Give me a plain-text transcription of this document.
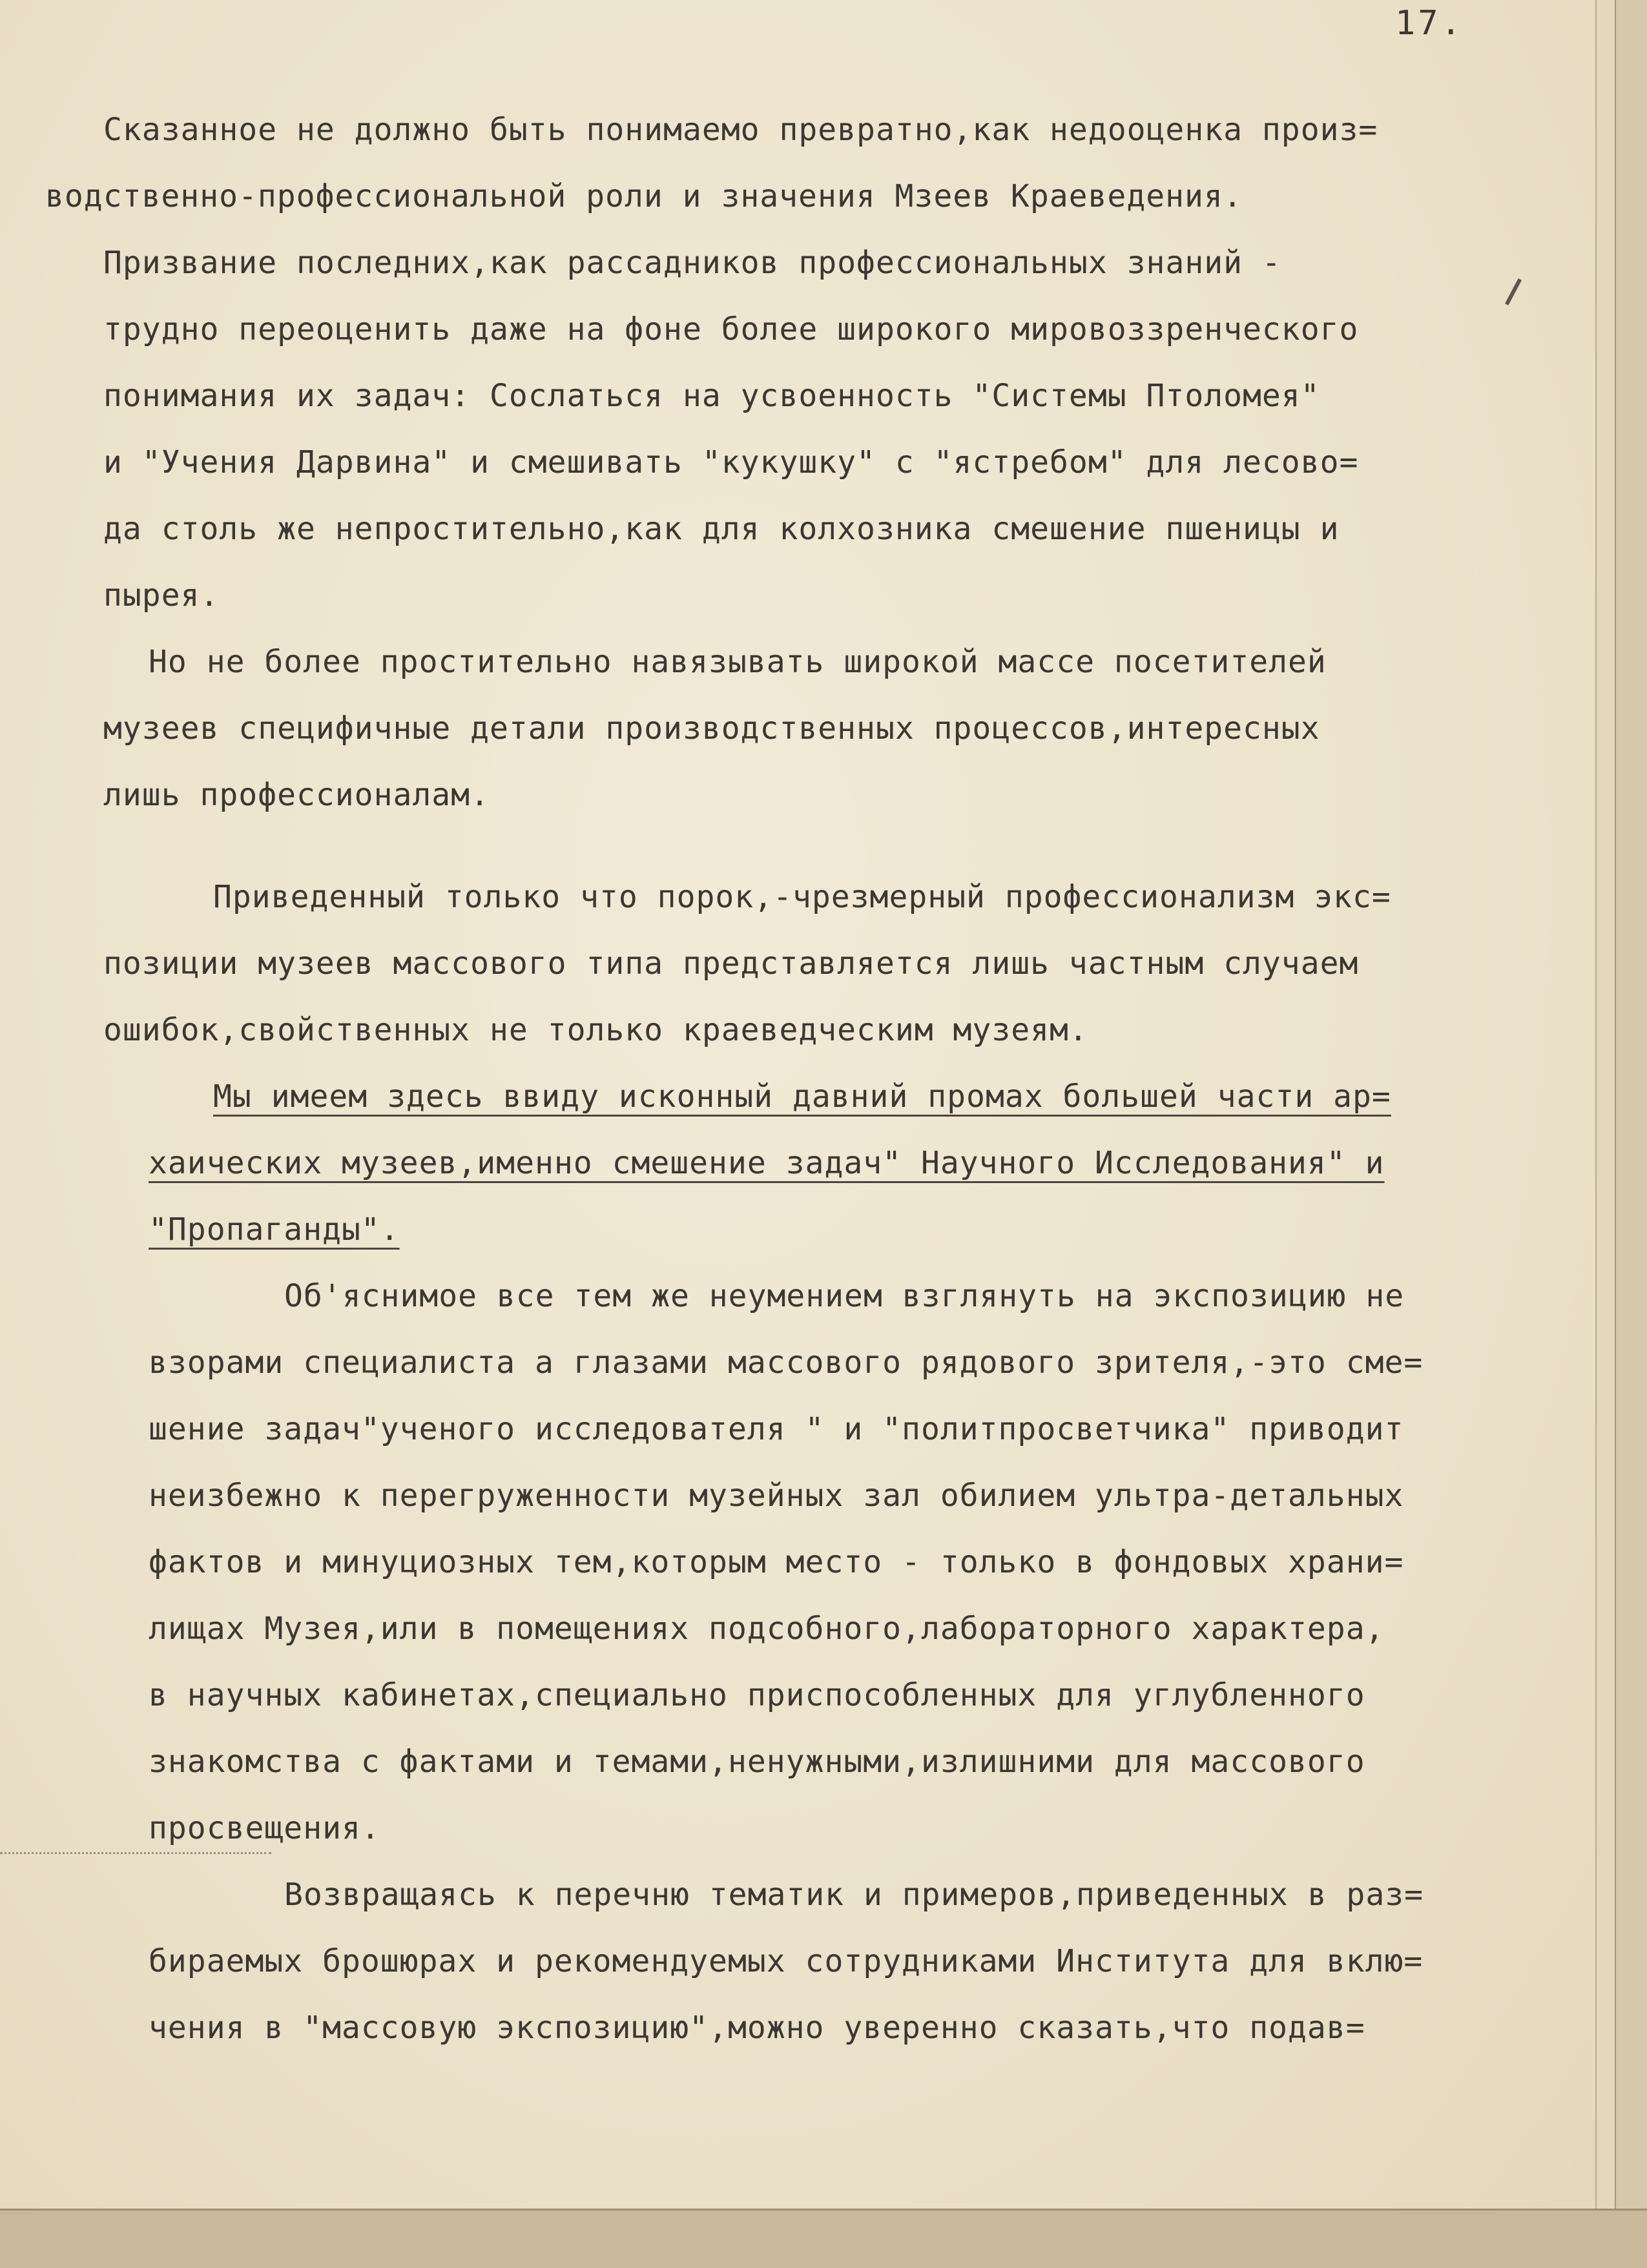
17.
Сказанное не должно быть понимаемо превратно,как недооценка произ=
водственно-профессиональной роли и значения Мзеев Краеведения.
Призвание последних,как рассадников профессиональных знаний -
трудно переоценить даже на фоне более широкого мировоззренческого
понимания их задач: Сослаться на усвоенность "Системы Птоломея"
и "Учения Дарвина" и смешивать "кукушку" с "ястребом" для лесово=
да столь же непростительно,как для колхозника смешение пшеницы и
пырея.
Но не более простительно навязывать широкой массе посетителей
музеев специфичные детали производственных процессов,интересных
лишь профессионалам.
Приведенный только что порок,-чрезмерный профессионализм экс=
позиции музеев массового типа представляется лишь частным случаем
ошибок,свойственных не только краеведческим музеям.
Мы имеем здесь ввиду исконный давний промах большей части ар=
хаических музеев,именно смешение задач" Научного Исследования" и
"Пропаганды".
Об'яснимое все тем же неумением взглянуть на экспозицию не
взорами специалиста а глазами массового рядового зрителя,-это сме=
шение задач"ученого исследователя " и "политпросветчика" приводит
неизбежно к перегруженности музейных зал обилием ультра-детальных
фактов и минуциозных тем,которым место - только в фондовых храни=
лищах Музея,или в помещениях подсобного,лабораторного характера,
в научных кабинетах,специально приспособленных для углубленного
знакомства с фактами и темами,ненужными,излишними для массового
просвещения.
Возвращаясь к перечню тематик и примеров,приведенных в раз=
бираемых брошюрах и рекомендуемых сотрудниками Института для вклю=
чения в "массовую экспозицию",можно уверенно сказать,что подав=
